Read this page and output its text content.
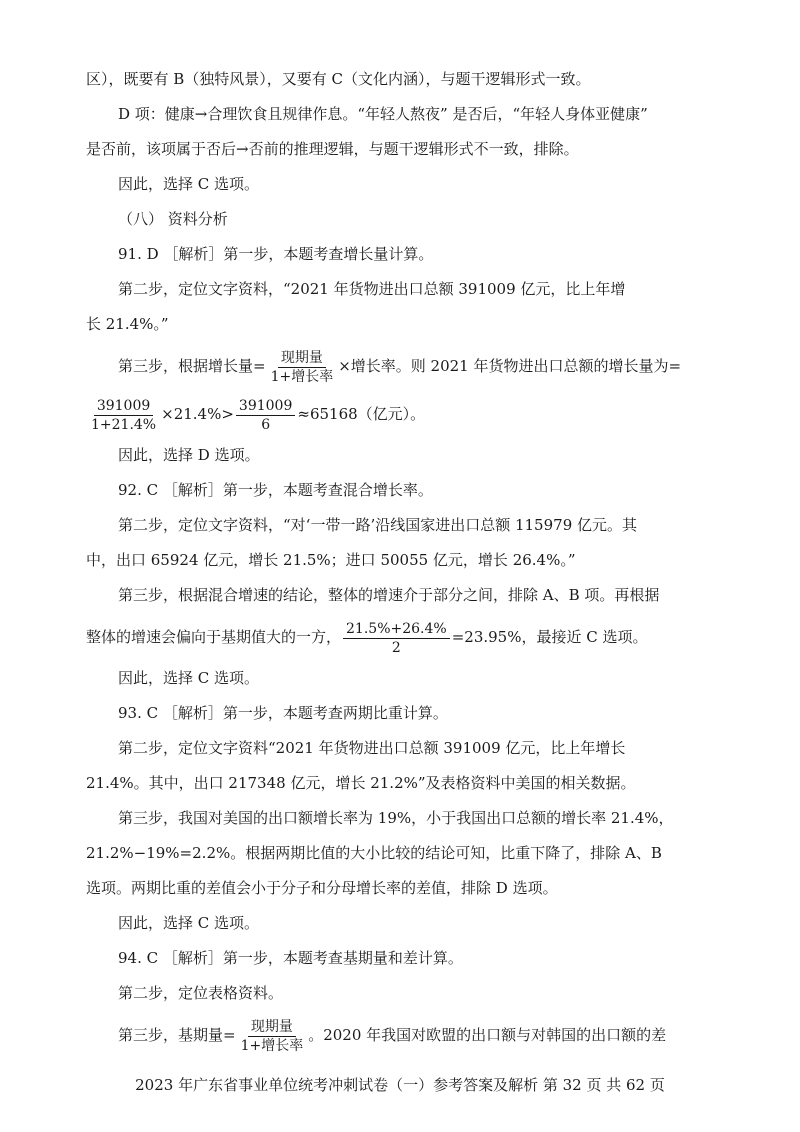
区），既要有 B（独特风景），又要有 C（文化内涵），与题干逻辑形式一致。

D 项：健康→合理饮食且规律作息。“年轻人熬夜” 是否后，“年轻人身体亚健康”

是否前，该项属于否后→否前的推理逻辑，与题干逻辑形式不一致，排除。

因此，选择 C 选项。

（八） 资料分析

91. D ［解析］第一步，本题考查增长量计算。

第二步，定位文字资料，“2021 年货物进出口总额 391009 亿元，比上年增

长 21.4%。”

第三步，根据增长量= $\frac{\text{现期量}}{\text{1+增长率}}$ ×增长率。则 2021 年货物进出口总额的增长量为=

$\frac{391009}{1+21.4\%} \times 21.4\%> \frac{391009}{6} \approx 65168$（亿元）。

因此，选择 D 选项。

92. C ［解析］第一步，本题考查混合增长率。

第二步，定位文字资料，“对‘一带一路’沿线国家进出口总额 115979 亿元。其

中，出口 65924 亿元，增长 21.5%；进口 50055 亿元，增长 26.4%。”

第三步，根据混合增速的结论，整体的增速介于部分之间，排除 A、B 项。再根据

整体的增速会偏向于基期值大的一方， $\frac{21.5\%+26.4\%}{2} =23.95\%$，最接近 C 选项。

因此，选择 C 选项。

93. C ［解析］第一步，本题考查两期比重计算。

第二步，定位文字资料“2021 年货物进出口总额 391009 亿元，比上年增长

21.4%。其中，出口 217348 亿元，增长 21.2%”及表格资料中美国的相关数据。

第三步，我国对美国的出口额增长率为 19%，小于我国出口总额的增长率 21.4%，

21.2%−19%=2.2%。根据两期比值的大小比较的结论可知，比重下降了，排除 A、B

选项。两期比重的差值会小于分子和分母增长率的差值，排除 D 选项。

因此，选择 C 选项。

94. C ［解析］第一步，本题考查基期量和差计算。

第二步，定位表格资料。

第三步，基期量= $\frac{\text{现期量}}{\text{1+增长率}}$ 。2020 年我国对欧盟的出口额与对韩国的出口额的差

2023 年广东省事业单位统考冲刺试卷（一）参考答案及解析 第 32 页 共 62 页
